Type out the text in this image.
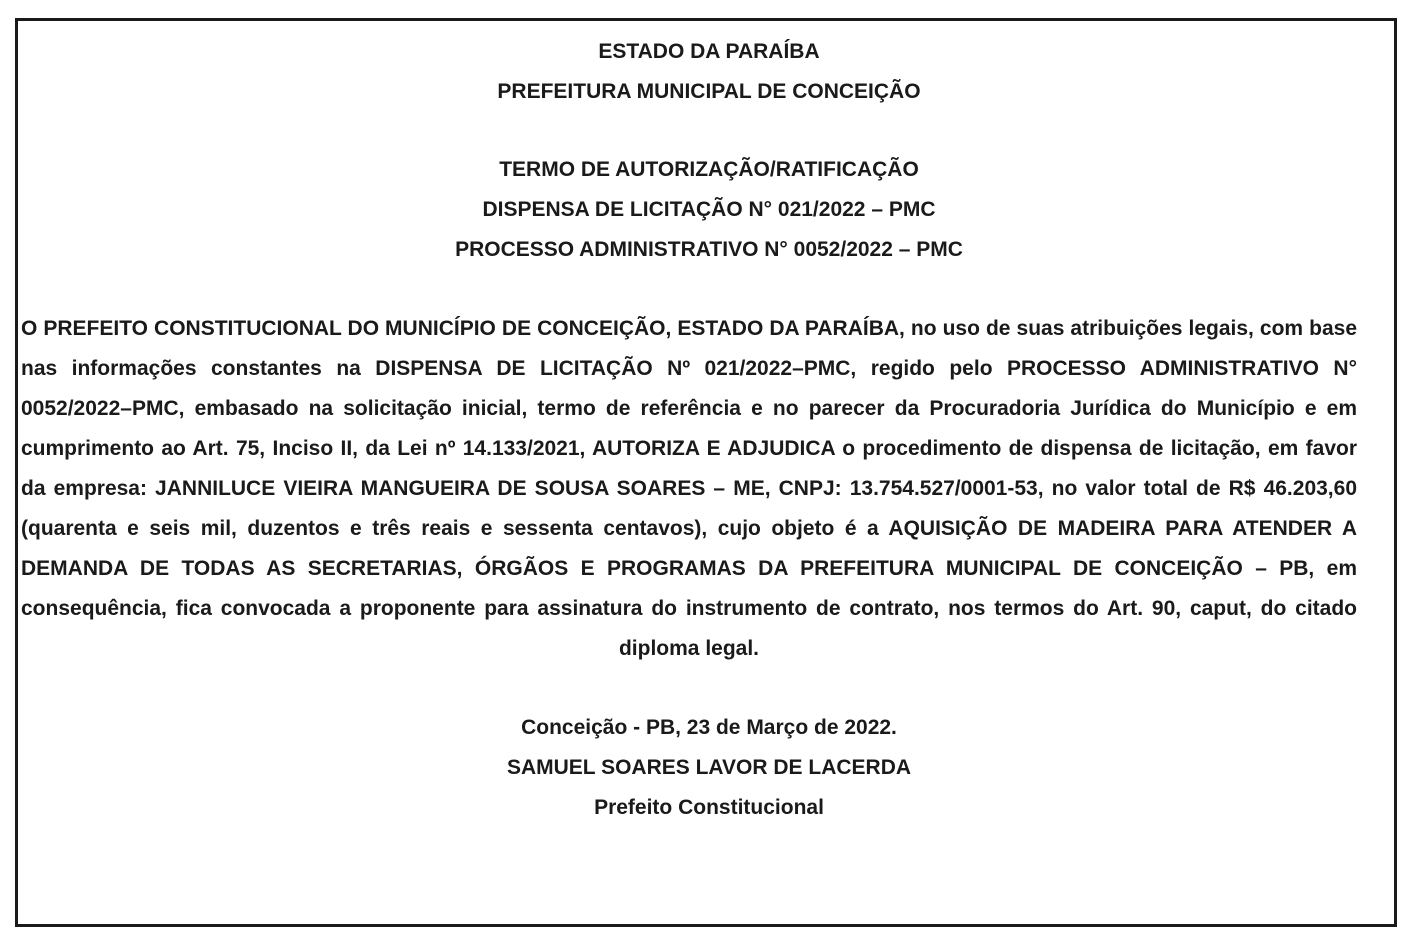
ESTADO DA PARAÍBA
PREFEITURA MUNICIPAL DE CONCEIÇÃO
TERMO DE AUTORIZAÇÃO/RATIFICAÇÃO
DISPENSA DE LICITAÇÃO N° 021/2022 – PMC
PROCESSO ADMINISTRATIVO N° 0052/2022 – PMC

O PREFEITO CONSTITUCIONAL DO MUNICÍPIO DE CONCEIÇÃO, ESTADO DA PARAÍBA, no uso de suas atribuições legais, com base nas informações constantes na DISPENSA DE LICITAÇÃO Nº 021/2022–PMC, regido pelo PROCESSO ADMINISTRATIVO N° 0052/2022–PMC, embasado na solicitação inicial, termo de referência e no parecer da Procuradoria Jurídica do Município e em cumprimento ao Art. 75, Inciso II, da Lei nº 14.133/2021, AUTORIZA E ADJUDICA o procedimento de dispensa de licitação, em favor da empresa: JANNILUCE VIEIRA MANGUEIRA DE SOUSA SOARES – ME, CNPJ: 13.754.527/0001-53, no valor total de R$ 46.203,60 (quarenta e seis mil, duzentos e três reais e sessenta centavos), cujo objeto é a AQUISIÇÃO DE MADEIRA PARA ATENDER A DEMANDA DE TODAS AS SECRETARIAS, ÓRGÃOS E PROGRAMAS DA PREFEITURA MUNICIPAL DE CONCEIÇÃO – PB, em consequência, fica convocada a proponente para assinatura do instrumento de contrato, nos termos do Art. 90, caput, do citado diploma legal.

Conceição - PB, 23 de Março de 2022.
SAMUEL SOARES LAVOR DE LACERDA
Prefeito Constitucional
